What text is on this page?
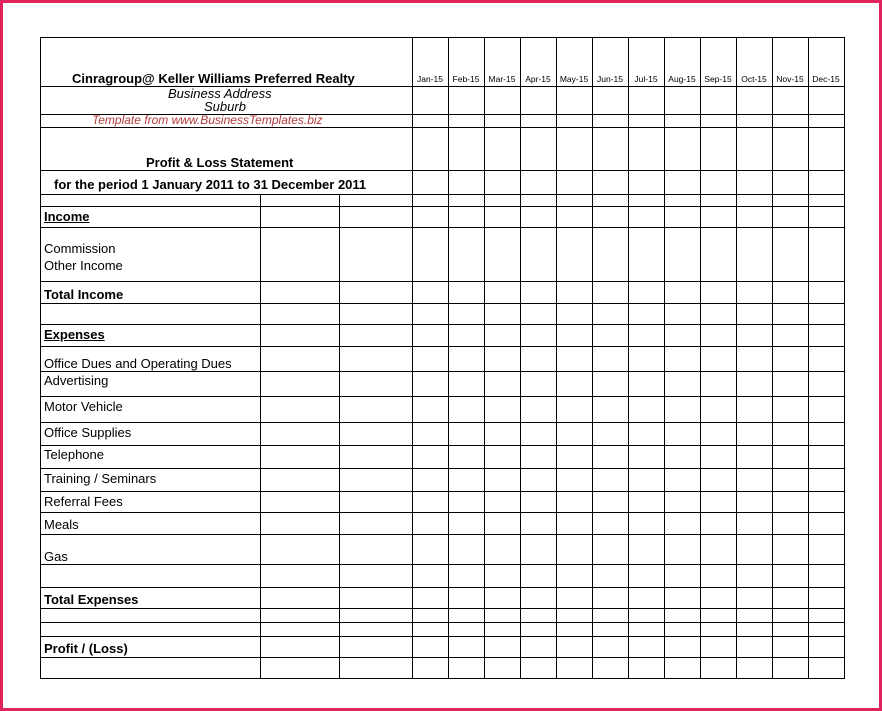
Cinragroup@ Keller Williams Preferred Realty
Business Address
Suburb
Template from www.BusinessTemplates.biz
Profit & Loss Statement
for the period 1 January 2011 to 31 December 2011
Jan-15	Feb-15	Mar-15	Apr-15	May-15	Jun-15	Jul-15	Aug-15	Sep-15	Oct-15	Nov-15	Dec-15
Income
Commission
Other Income
Total Income
Expenses
Office Dues and Operating Dues
Advertising
Motor Vehicle
Office Supplies
Telephone
Training / Seminars
Referral Fees
Meals
Gas
Total Expenses
Profit / (Loss)
